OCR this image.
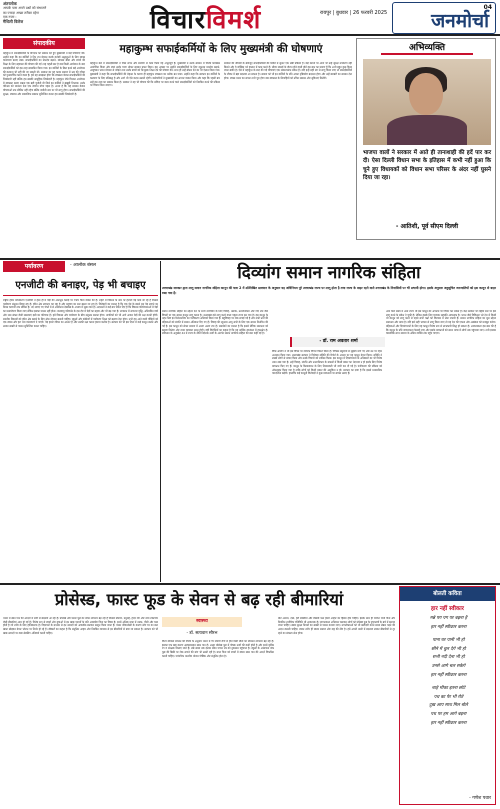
अंतरलोक
आपके पास अपने प्रश्नों को संभालने
का ज्यादा अच्छा तरीका रहेगा
एक नजर :
मैथिली विलेज	विचारविमर्श	रायपुर | बुधवार | 26 फरवरी 2025
04
जनमोर्चा
संपादकीय
महाकुंभ में सफाईकर्मियों के योगदान को सम्मान देते हुए मुख्यमंत्री ने कई घोषणाएं कीं। उन्होंने कहा कि इन कर्मियों ने दिन रात मेहनत करके करोड़ों श्रद्धालुओं के लिए स्वच्छ वातावरण बनाए रखा। सफाईकर्मियों का मानदेय बढ़ाने, स्वास्थ्य बीमा और बच्चों की शिक्षा के लिए सहायता की घोषणा की गई। यह पहली बार है जब किसी आयोजन के बाद सफाईकर्मियों को इस तरह सम्मानित किया गया। इन कर्मियों के बिना इतने बड़े आयोजन की कल्पना भी नहीं की जा सकती थी। सरकार का यह कदम समाज में श्रम की गरिमा को पुनर्स्थापित करने वाला है। हमें यह समझना होगा कि स्वच्छता केवल सफाईकर्मियों की जिम्मेदारी नहीं बल्कि हम सबकी सामूहिक जिम्मेदारी है। महाकुंभ जैसे विशाल आयोजन में स्वच्छता बनाए रखना एक बड़ी चुनौती थी जिसे इन कर्मियों ने बखूबी निभाया। उनके परिश्रम को मान्यता देना एक स्वागत योग्य पहल है। आशा है कि यह सम्मान केवल घोषणाओं तक सीमित नहीं रहेगा बल्कि जमीनी स्तर पर भी लागू होगा। सफाईकर्मियों की सुरक्षा, स्वास्थ्य और सामाजिक सम्मान सुनिश्चित करना हम सबकी जिम्मेदारी है।
महाकुम्भ सफाईकर्मियों के लिए मुख्यमंत्री की घोषणाएं
महाकुंभ मेले में सफाईकर्मियों ने जिस लगन और समर्पण से काम किया वह अभूतपूर्व है। मुख्यमंत्री ने उनके सम्मान में विशेष कार्यक्रम आयोजित किया और स्वयं उनके चरण धोकर सम्मान प्रकट किया। इस अवसर पर उन्होंने सफाईकर्मियों के लिए न्यूनतम मानदेय बढ़ाने, आयुष्मान भारत योजना से जोड़ने तथा उनके बच्चों को निःशुल्क शिक्षा देने की घोषणा की। साथ ही उन्हें बोनस देने का भी ऐलान किया गया। मुख्यमंत्री ने कहा कि सफाईकर्मियों की मेहनत के कारण ही महाकुंभ स्वच्छता का प्रतीक बन पाया। उन्होंने कहा कि सरकार इन कर्मियों के कल्याण के लिए प्रतिबद्ध है और आगे भी ऐसे कदम उठाती रहेगी। कर्मचारियों ने मुख्यमंत्री का आभार व्यक्त किया और कहा कि पहली बार उन्हें इस तरह का सम्मान मिला है। सरकार ने यह भी घोषणा की कि संविदा पर काम करने वाले सफाईकर्मियों को नियमित करने की प्रक्रिया पर विचार किया जाएगा।
सरकार की नीतियों के बावजूद सफाईकर्मियों की स्थिति में सुधार एक लंबी प्रक्रिया है। कई स्थानों पर आज भी उन्हें सुरक्षा उपकरण नहीं मिलते और वे जोखिम भरे हालात में काम करते हैं। सीवर सफाई के दौरान होने वाली मौतें इस बात का प्रमाण हैं कि अभी बहुत कुछ किया जाना बाकी है। ऐसे में महाकुंभ के बाद की गई घोषणाएं एक सकारात्मक संकेत हैं। यदि इन्हें सही ढंग से लागू किया जाए तो सफाईकर्मियों के जीवन में बड़ा बदलाव आ सकता है। समाज को भी इन कर्मियों के प्रति अपना दृष्टिकोण बदलना होगा और उन्हें बराबरी का सम्मान देना होगा। स्वच्छ भारत का सपना तभी पूरा होगा जब स्वच्छता के सिपाहियों को उचित सम्मान और सुविधाएं मिलेंगी।
अभिव्यक्ति
भाजपा वालों ने सरकार में आते ही तानाशाही की हदें पार कर दी। ऐसा दिल्ली विधान सभा के इतिहास में कभी नहीं हुआ कि चुने हुए विधायकों को विधान सभा परिसर के अंदर नहीं घुसने दिया जा रहा।
- आतिशी, पूर्व सीएम दिल्ली
पर्यावरण	- आलोक बंसल
एनजीटी की बनाइए, पेड़ भी बचाइए
राष्ट्रीय हरित प्राधिकरण एनजीटी ने हाल ही में पेड़ों की अंधाधुंध कटाई पर गंभीर चिंता व्यक्त की है। शहरों में विकास के नाम पर हजारों पेड़ काटे जा रहे हैं जिससे पर्यावरण संतुलन बिगड़ रहा है। हरित क्षेत्र लगातार घट रहा है और प्रदूषण का स्तर बढ़ता जा रहा है। विशेषज्ञों का मानना है कि एक पेड़ के बदले दस पेड़ लगाने का नियम कागजों तक सीमित है। नए लगाए गए पौधों में से अधिकांश देखरेख के अभाव में सूख जाते हैं। अदालतों ने कई बार निर्देश दिए हैं कि विकास परियोजनाओं में पेड़ों का प्रत्यारोपण किया जाए लेकिन इसका पालन नहीं होता। जलवायु परिवर्तन के इस दौर में पेड़ों का महत्व और भी बढ़ गया है। तापमान में लगातार वृद्धि, अनियमित वर्षा और जल संकट जैसी समस्याएं इसी का परिणाम हैं। हमें विकास और पर्यावरण के बीच संतुलन बनाना होगा। नागरिकों को भी आगे आकर पेड़ों की रक्षा करनी होगी। स्थानीय निकायों को हरित क्षेत्र बढ़ाने के लिए ठोस योजना बनानी चाहिए। स्कूलों और कॉलेजों में पर्यावरण शिक्षा को बढ़ावा देना होगा। तभी हम आने वाली पीढ़ियों को एक स्वस्थ और हरा भरा वातावरण दे पाएंगे। पेड़ हमारे जीवन का आधार हैं और उनकी रक्षा करना हमारा कर्तव्य है। सरकार को भी इस दिशा में कड़े कानून बनाने और उनका सख्ती से पालन सुनिश्चित करना चाहिए।
दिव्यांग समान नागरिक संहिता
उत्तराखंड सरकार द्वारा लागू समान नागरिक संहिता कानून की धारा 2 में उल्लिखित प्रावधान के अनुसार यह अधिनियम पूरे उत्तराखंड राज्य पर लागू होता है तथा राज्य के बाहर रहने वाले उत्तराखंड के निवासियों पर भी प्रभावी होगा। इसके अनुसार अनुसूचित जनजातियों को इस कानून से बाहर रखा गया है।
- डॉ. राम अवतार शर्मा
समान नागरिक संहिता का उद्देश्य देश के सभी नागरिकों के लिए विवाह, तलाक, उत्तराधिकार और गोद लेने जैसे विषयों पर एक समान कानून लागू करना है। उत्तराखंड इसे लागू करने वाला पहला राज्य बन गया है। इस कानून के तहत लिव इन रिलेशनशिप का पंजीकरण अनिवार्य किया गया है। बहुविवाह पर रोक लगाई गई है और सभी धर्मों की महिलाओं को संपत्ति में समान अधिकार दिए गए हैं। विवाह की न्यूनतम आयु सभी के लिए एक समान निर्धारित की गई है। इस कानून को लेकर समाज में अलग अलग राय है। समर्थकों का मानना है कि इससे लैंगिक समानता को बढ़ावा मिलेगा और न्याय व्यवस्था सरल होगी। वहीं विरोधियों का कहना है कि यह धार्मिक स्वतंत्रता में हस्तक्षेप है। संविधान के अनुच्छेद 44 में राज्य के नीति निदेशक तत्वों के अंतर्गत समान नागरिक संहिता की बात कही गई है।
विधि आयोग ने भी इस विषय पर व्यापक विचार विमर्श किया है। विभिन्न समुदायों से सुझाव मांगे गए और उन पर गहन अध्ययन किया गया। उत्तराखंड सरकार ने विशेषज्ञ समिति की रिपोर्ट के आधार पर यह कानून तैयार किया। समिति ने लाखों लोगों से संवाद किया और उनके विचारों को शामिल किया। इस कानून में दिव्यांगजनों के अधिकारों का भी विशेष ध्यान रखा गया है। उन्हें विवाह, संपत्ति और उत्तराधिकार के मामलों में किसी प्रकार का भेदभाव न हो इसके लिए विशेष प्रावधान किए गए हैं। कानून के क्रियान्वयन के लिए नियमावली भी जारी कर दी गई है। पंजीकरण की प्रक्रिया को ऑनलाइन किया गया है ताकि लोगों को किसी प्रकार की असुविधा न हो। सरकार का दावा है कि इससे प्रशासनिक पारदर्शिता बढ़ेगी। हालांकि कई कानूनी विशेषज्ञों ने कुछ प्रावधानों पर सवाल उठाए हैं।
आने वाले समय में अन्य राज्य भी इस कानून को अपनाने पर विचार कर सकते हैं। केंद्र सरकार भी राष्ट्रीय स्तर पर इसे लागू करने के संकेत दे चुकी है। लेकिन इसके लिए व्यापक सहमति आवश्यक है। भारत जैसे विविधता भरे देश में किसी भी कानून को लागू करने से पहले सभी पक्षों को विश्वास में लेना जरूरी है। समान नागरिक संहिता का मूल उद्देश्य समानता और न्याय है। यदि इसे सही भावना से लागू किया जाए तो यह देश की एकता और अखंडता को मजबूत करेगा। महिलाओं और दिव्यांगजनों के लिए यह कानून विशेष रूप से लाभकारी सिद्ध हो सकता है। आवश्यकता इस बात की है कि कानून के प्रति जागरूकता फैलाई जाए और इसके प्रावधानों को सरल भाषा में लोगों तक पहुंचाया जाए। तभी इसका वास्तविक लाभ समाज के अंतिम व्यक्ति तक पहुंच पाएगा।
प्रोसेस्ड, फास्ट फूड के सेवन से बढ़ रही बीमारियां
भारत में खान पान की आदतों में तेजी से बदलाव आ रहा है। प्रोसेस्ड और फास्ट फूड का सेवन लगातार बढ़ रहा है जिससे मोटापा, मधुमेह, हृदय रोग और उच्च रक्तचाप जैसी बीमारियां आम हो गई हैं। विशेष रूप से बच्चों और युवाओं में इन खाद्य पदार्थों के प्रति आकर्षण चिंता का विषय है। इनमें अधिक मात्रा में नमक, चीनी और वसा होती है जो शरीर के लिए हानिकारक है। विज्ञापनों के माध्यम से इन उत्पादों को आकर्षक बनाकर प्रस्तुत किया जाता है। व्यस्त जीवनशैली के कारण लोग घर का बना खाना छोड़कर तैयार भोजन पर निर्भर हो रहे हैं। डॉक्टरों का कहना है कि संतुलित आहार और नियमित व्यायाम से इन बीमारियों से बचा जा सकता है। सरकार को भी खाद्य उत्पादों पर स्पष्ट लेबलिंग अनिवार्य करनी चाहिए।
स्वास्थ्य
- डॉ. सत्यवान सौरभ
विश्व स्वास्थ्य संगठन की रिपोर्ट के अनुसार भारत में गैर संचारी रोगों से होने वाली मौतों का प्रतिशत लगातार बढ़ रहा है। इसका एक बड़ा कारण अस्वास्थ्यकर खान पान है। अल्ट्रा प्रोसेस्ड फूड में पोषक तत्वों की कमी होती है और इनमें कृत्रिम रंग व संरक्षक मिलाए जाते हैं। लंबे समय तक इनका सेवन पाचन तंत्र को नुकसान पहुंचाता है। स्कूलों के आसपास जंक फूड की बिक्री पर रोक लगाने की मांग भी उठती रही है। माता पिता को बच्चों में स्वस्थ खान पान की आदतें विकसित करनी चाहिए। पारंपरिक भारतीय भोजन पौष्टिक और संतुलित होता है।
मोटे अनाज, दालें, हरी सब्जियां और मौसमी फल हमारे आहार का हिस्सा होने चाहिए। इसके साथ ही पर्याप्त पानी पीना और नियमित शारीरिक गतिविधि भी आवश्यक है। जागरूकता अभियान चलाकर लोगों को प्रोसेस्ड फूड के दुष्प्रभावों के बारे में बताया जाना चाहिए। खाद्य सुरक्षा नियमों का सख्ती से पालन कराया जाए। उपभोक्ताओं को भी खरीदारी करते समय लेबल पढ़ने की आदत डालनी चाहिए। स्वस्थ शरीर ही स्वस्थ समाज और राष्ट्र की नींव है। हमें अपनी थाली में बदलाव लाकर बीमारियों से दूर रहने का संकल्प लेना होगा।
बोलती कविता
हार नहीं स्वीकार
मन्ने पग पग पर बढ़ना है
हार नहीं स्वीकार करना
पाना घर पानी भी हो
छीने में धुल देगे भी हो
सभी नदी देना भी हो
उनसे आगे चल सकेगे
हार नहीं स्वीकार करना
चाहे मौका इतना छोटे
पथ का पेर भी रोते
दुख आप साथ मिल बोले
पथ पर हम आगे बढ़ना
हार नहीं स्वीकार करना
- गणेश पवार
